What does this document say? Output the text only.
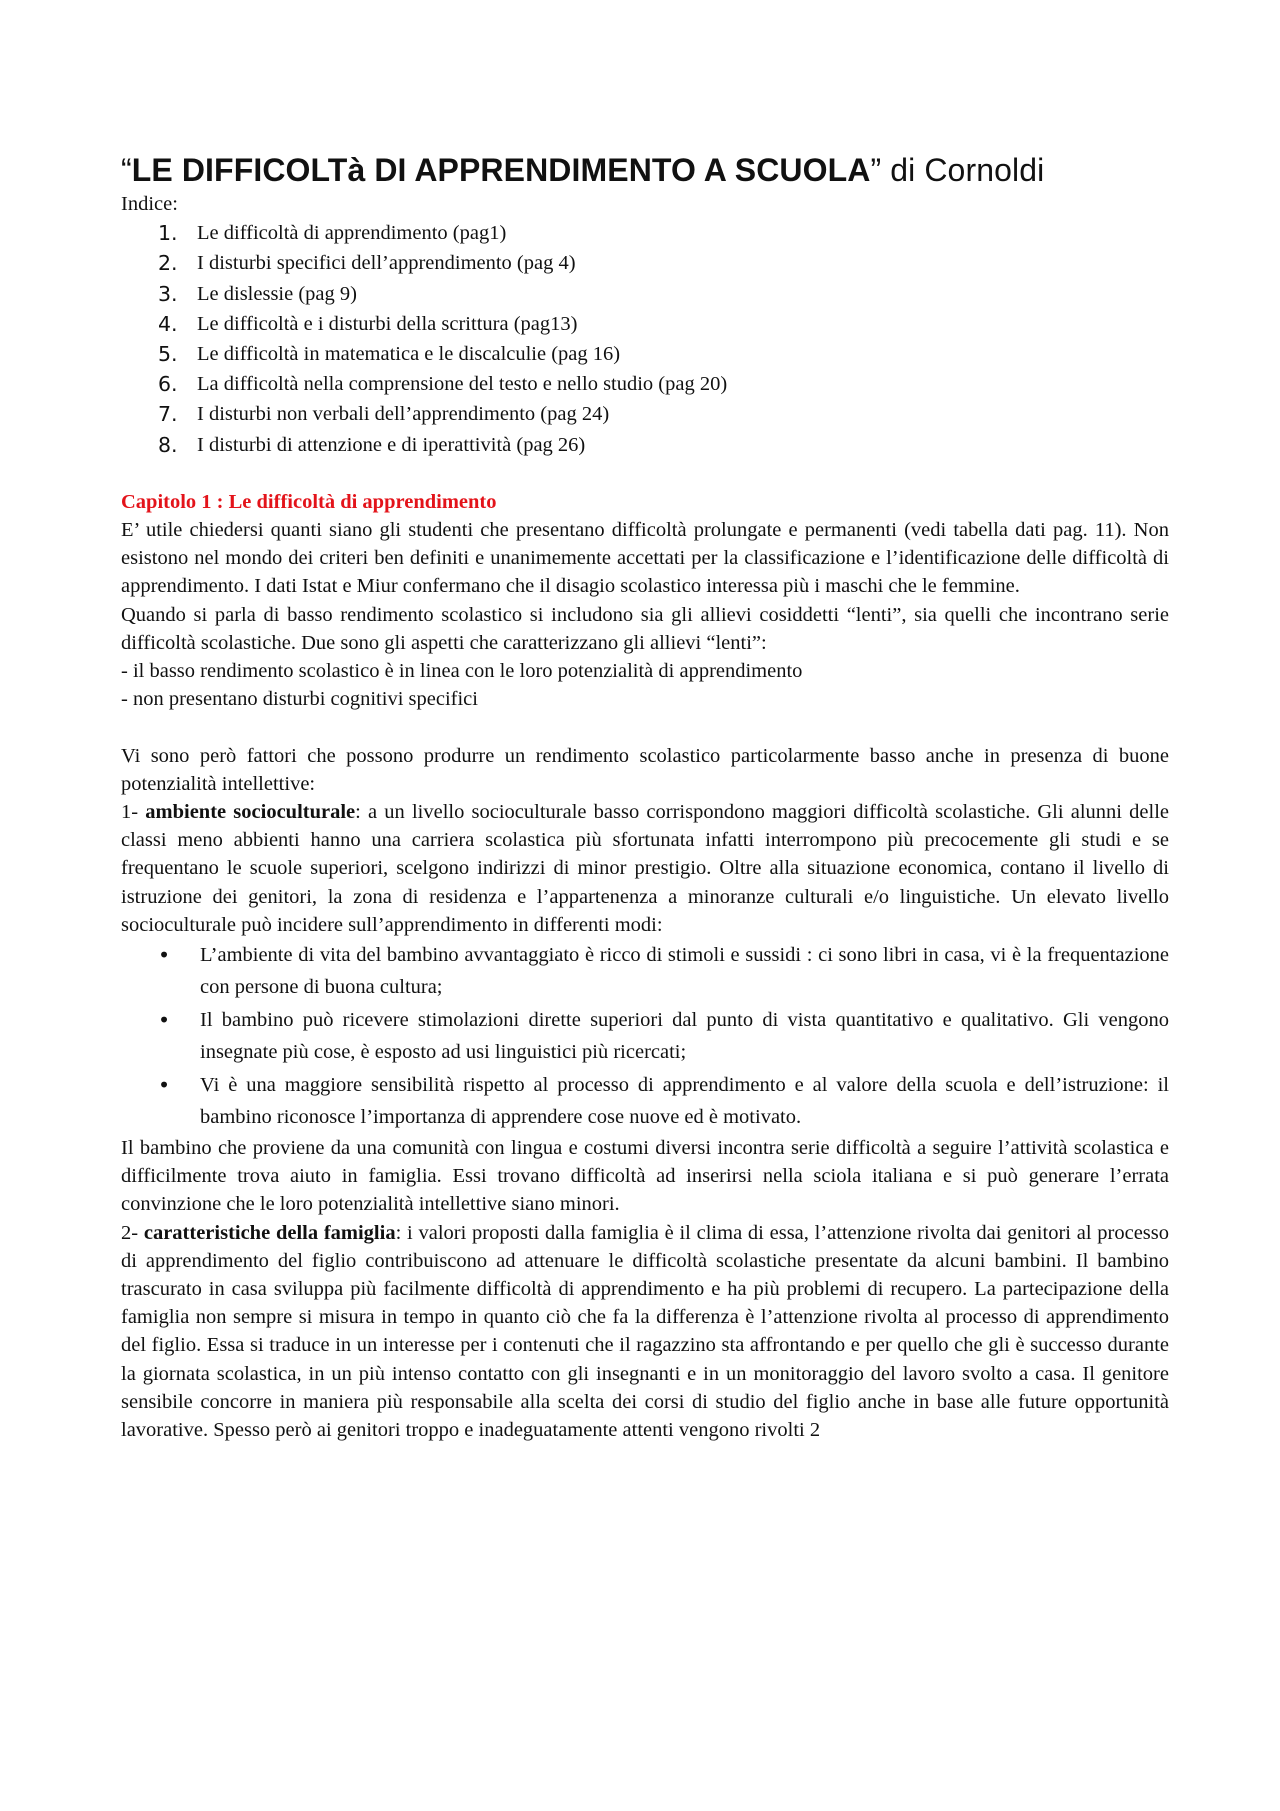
“LE DIFFICOLTà DI APPRENDIMENTO A SCUOLA” di Cornoldi
Indice:
1. Le difficoltà di apprendimento (pag1)
2. I disturbi specifici dell’apprendimento (pag 4)
3. Le dislessie (pag 9)
4. Le difficoltà e i disturbi della scrittura (pag13)
5. Le difficoltà in matematica e le discalculie (pag 16)
6. La difficoltà nella comprensione del testo e nello studio (pag 20)
7. I disturbi non verbali dell’apprendimento (pag 24)
8. I disturbi di attenzione e di iperattività (pag 26)
Capitolo 1 : Le difficoltà di apprendimento

E’ utile chiedersi quanti siano gli studenti che presentano difficoltà prolungate e permanenti (vedi tabella dati pag. 11). Non esistono nel mondo dei criteri ben definiti e unanimemente accettati per la classificazione e l’identificazione delle difficoltà di apprendimento. I dati Istat e Miur confermano che il disagio scolastico interessa più i maschi che le femmine.

Quando si parla di basso rendimento scolastico si includono sia gli allievi cosiddetti “lenti”, sia quelli che incontrano serie difficoltà scolastiche. Due sono gli aspetti che caratterizzano gli allievi “lenti”:

- il basso rendimento scolastico è in linea con le loro potenzialità di apprendimento

- non presentano disturbi cognitivi specifici

Vi sono però fattori che possono produrre un rendimento scolastico particolarmente basso anche in presenza di buone potenzialità intellettive:

1- ambiente socioculturale: a un livello socioculturale basso corrispondono maggiori difficoltà scolastiche. Gli alunni delle classi meno abbienti hanno una carriera scolastica più sfortunata infatti interrompono più precocemente gli studi e se frequentano le scuole superiori, scelgono indirizzi di minor prestigio. Oltre alla situazione economica, contano il livello di istruzione dei genitori, la zona di residenza e l’appartenenza a minoranze culturali e/o linguistiche. Un elevato livello socioculturale può incidere sull’apprendimento in differenti modi:

•	L’ambiente di vita del bambino avvantaggiato è ricco di stimoli e sussidi : ci sono libri in casa, vi è la frequentazione con persone di buona cultura;
•	Il bambino può ricevere stimolazioni dirette superiori dal punto di vista quantitativo e qualitativo. Gli vengono insegnate più cose, è esposto ad usi linguistici più ricercati;
•	Vi è una maggiore sensibilità rispetto al processo di apprendimento e al valore della scuola e dell’istruzione: il bambino riconosce l’importanza di apprendere cose nuove ed è motivato.

Il bambino che proviene da una comunità con lingua e costumi diversi incontra serie difficoltà a seguire l’attività scolastica e difficilmente trova aiuto in famiglia. Essi trovano difficoltà ad inserirsi nella sciola italiana e si può generare l’errata convinzione che le loro potenzialità intellettive siano minori.

2- caratteristiche della famiglia: i valori proposti dalla famiglia è il clima di essa, l’attenzione rivolta dai genitori al processo di apprendimento del figlio contribuiscono ad attenuare le difficoltà scolastiche presentate da alcuni bambini. Il bambino trascurato in casa sviluppa più facilmente difficoltà di apprendimento e ha più problemi di recupero. La partecipazione della famiglia non sempre si misura in tempo in quanto ciò che fa la differenza è l’attenzione rivolta al processo di apprendimento del figlio. Essa si traduce in un interesse per i contenuti che il ragazzino sta affrontando e per quello che gli è successo durante la giornata scolastica, in un più intenso contatto con gli insegnanti e in un monitoraggio del lavoro svolto a casa. Il genitore sensibile concorre in maniera più responsabile alla scelta dei corsi di studio del figlio anche in base alle future opportunità lavorative. Spesso però ai genitori troppo e inadeguatamente attenti vengono rivolti 2
